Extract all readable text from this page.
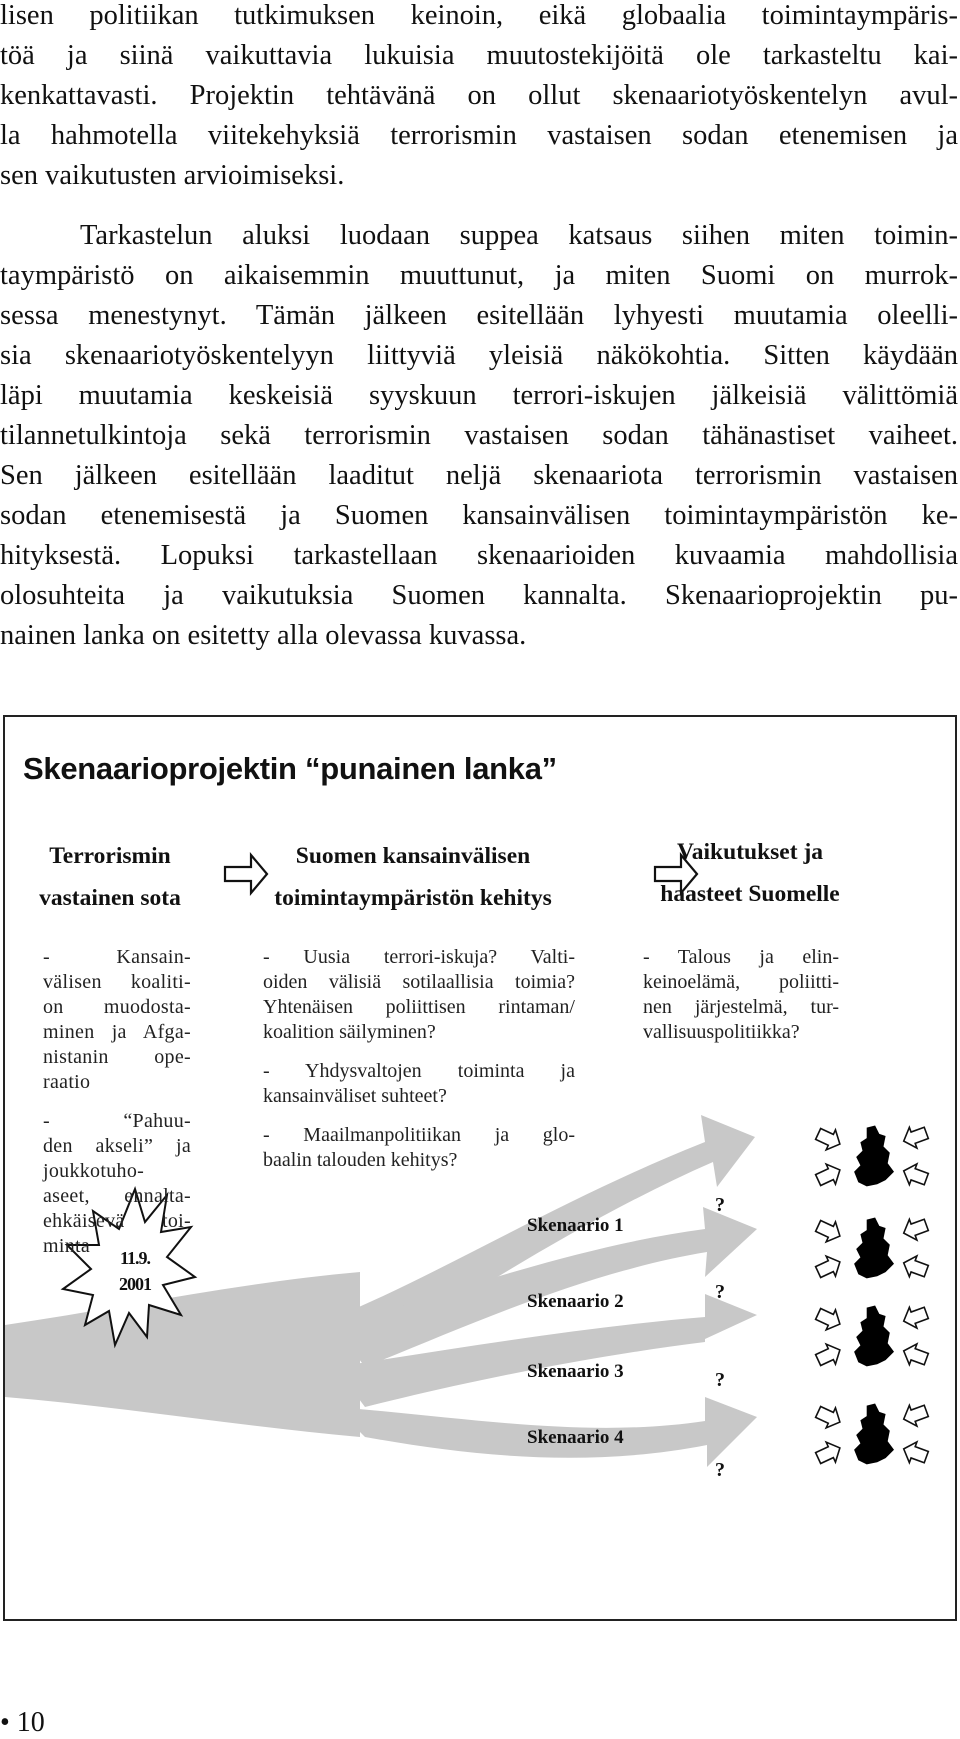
lisen politiikan tutkimuksen keinoin, eikä globaalia toimintaympäris-
töä ja siinä vaikuttavia lukuisia muutostekijöitä ole tarkasteltu kai-
kenkattavasti. Projektin tehtävänä on ollut skenaariotyöskentelyn avul-
la hahmotella viitekehyksiä terrorismin vastaisen sodan etenemisen ja
sen vaikutusten arvioimiseksi.
Tarkastelun aluksi luodaan suppea katsaus siihen miten toimin-
taympäristö on aikaisemmin muuttunut, ja miten Suomi on murrok-
sessa menestynyt. Tämän jälkeen esitellään lyhyesti muutamia oleelli-
sia skenaariotyöskentelyyn liittyviä yleisiä näkökohtia. Sitten käydään
läpi muutamia keskeisiä syyskuun terrori-iskujen jälkeisiä välittömiä
tilannetulkintoja sekä terrorismin vastaisen sodan tähänastiset vaiheet.
Sen jälkeen esitellään laaditut neljä skenaariota terrorismin vastaisen
sodan etenemisestä ja Suomen kansainvälisen toimintaympäristön ke-
hityksestä. Lopuksi tarkastellaan skenaarioiden kuvaamia mahdollisia
olosuhteita ja vaikutuksia Suomen kannalta. Skenaarioprojektin pu-
nainen lanka on esitetty alla olevassa kuvassa.
Skenaarioprojektin “punainen lanka”
Terrorismin
vastainen sota
Suomen kansainvälisen
toimintaympäristön kehitys
Vaikutukset ja
haasteet Suomelle

- Kansain-
välisen koaliti-
on muodosta-
minen ja Afga-
nistanin ope-
raatio

- “Pahuu-
den akseli” ja
joukkotuho-
aseet, ennalta-
ehkäisevä toi-
minta

- Uusia terrori-iskuja? Valti-
oiden välisiä sotilaallisia toimia?
Yhtenäisen poliittisen rintaman/
koalition säilyminen?

- Yhdysvaltojen toiminta ja
kansainväliset suhteet?

- Maailmanpolitiikan ja glo-
baalin talouden kehitys?

- Talous ja elin-
keinoelämä, poliitti-
nen järjestelmä, tur-
vallisuuspolitiikka?

11.9.
2001
Skenaario 1
?
Skenaario 2	?
Skenaario 3	?
Skenaario 4
?
• 10
